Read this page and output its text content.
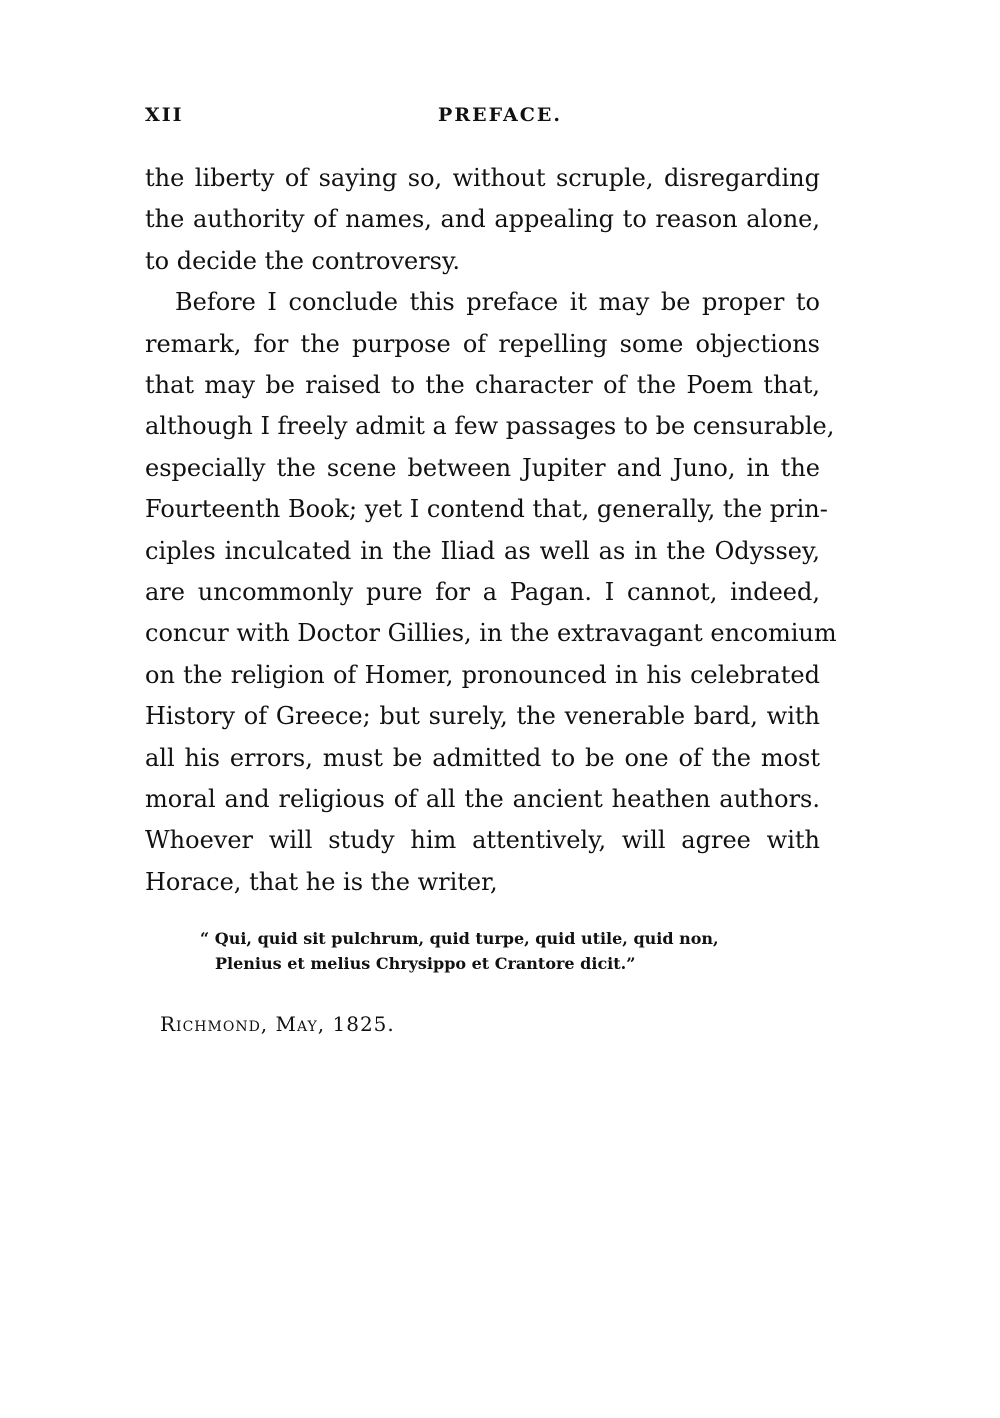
XII	PREFACE.
the liberty of saying so, without scruple, disregarding
the authority of names, and appealing to reason alone,
to decide the controversy.
Before I conclude this preface it may be proper to
remark, for the purpose of repelling some objections
that may be raised to the character of the Poem that,
although I freely admit a few passages to be censurable,
especially the scene between Jupiter and Juno, in the
Fourteenth Book; yet I contend that, generally, the prin-
ciples inculcated in the Iliad as well as in the Odyssey,
are uncommonly pure for a Pagan. I cannot, indeed,
concur with Doctor Gillies, in the extravagant encomium
on the religion of Homer, pronounced in his celebrated
History of Greece; but surely, the venerable bard, with
all his errors, must be admitted to be one of the most
moral and religious of all the ancient heathen authors.
Whoever will study him attentively, will agree with
Horace, that he is the writer,
“ Qui, quid sit pulchrum, quid turpe, quid utile, quid non,
Plenius et melius Chrysippo et Crantore dicit.”
Richmond, May, 1825.
